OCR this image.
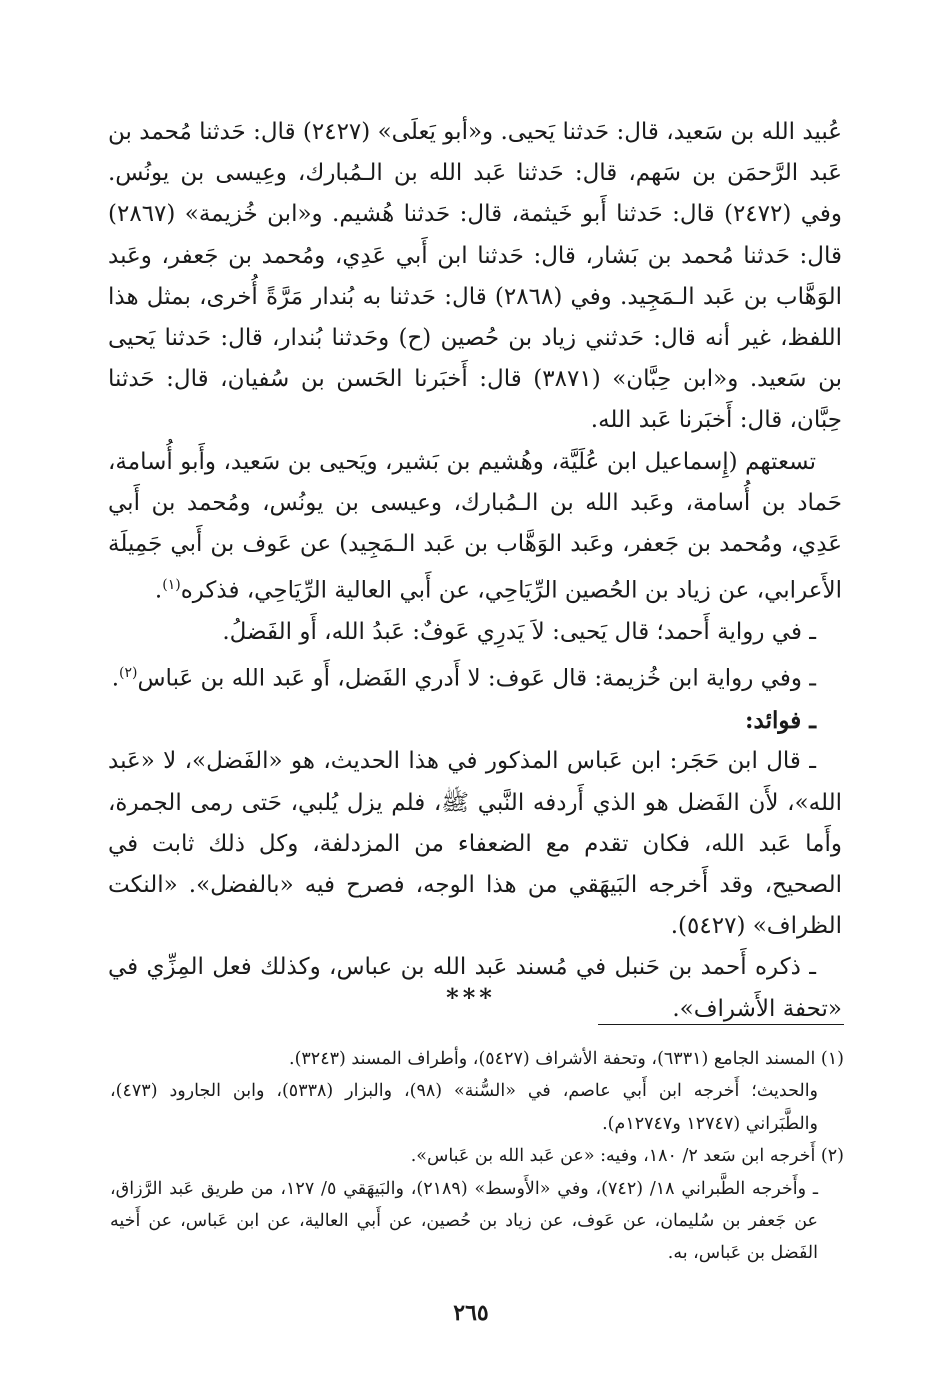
عُبيد الله بن سَعيد، قال: حَدثنا يَحيى. و«أبو يَعلَى» (٢٤٢٧) قال: حَدثنا مُحمد بن عَبد الرَّحمَن بن سَهم، قال: حَدثنا عَبد الله بن الـمُبارك، وعِيسى بن يونُس. وفي (٢٤٧٢) قال: حَدثنا أَبو خَيثمة، قال: حَدثنا هُشيم. و«ابن خُزيمة» (٢٨٦٧) قال: حَدثنا مُحمد بن بَشار، قال: حَدثنا ابن أَبي عَدِي، ومُحمد بن جَعفر، وعَبد الوَهَّاب بن عَبد الـمَجِيد. وفي (٢٨٦٨) قال: حَدثنا به بُندار مَرَّةً أُخرى، بمثل هذا اللفظ، غير أنه قال: حَدثني زياد بن حُصين (ح) وحَدثنا بُندار، قال: حَدثنا يَحيى بن سَعيد. و«ابن حِبَّان» (٣٨٧١) قال: أَخبَرنا الحَسن بن سُفيان، قال: حَدثنا حِبَّان، قال: أَخبَرنا عَبد الله.

تسعتهم (إِسماعيل ابن عُلَيَّة، وهُشيم بن بَشير، ويَحيى بن سَعيد، وأَبو أُسامة، حَماد بن أُسامة، وعَبد الله بن الـمُبارك، وعيسى بن يونُس، ومُحمد بن أَبي عَدِي، ومُحمد بن جَعفر، وعَبد الوَهَّاب بن عَبد الـمَجِيد) عن عَوف بن أَبي جَمِيلَة الأَعرابي، عن زياد بن الحُصين الرِّيَاحِي، عن أَبي العالية الرِّيَاحِي، فذكره$^{(١)}$.

ـ في رواية أَحمد؛ قال يَحيى: لاَ يَدرِي عَوفٌ: عَبدُ الله، أَو الفَضلُ.

ـ وفي رواية ابن خُزيمة: قال عَوف: لا أَدري الفَضل، أَو عَبد الله بن عَباس$^{(٢)}$.

ـ فوائد:

ـ قال ابن حَجَر: ابن عَباس المذكور في هذا الحديث، هو «الفَضل»، لا «عَبد الله»، لأَن الفَضل هو الذي أَردفه النَّبي ﷺ، فلم يزل يُلبي، حَتى رمى الجمرة، وأَما عَبد الله، فكان تقدم مع الضعفاء من المزدلفة، وكل ذلك ثابت في الصحيح، وقد أَخرجه البَيهَقي من هذا الوجه، فصرح فيه «بالفضل». «النكت الظراف» (٥٤٢٧).

ـ ذكره أَحمد بن حَنبل في مُسند عَبد الله بن عباس، وكذلك فعل المِزِّي في «تحفة الأَشراف».

***

(١) المسند الجامع (٦٣٣١)، وتحفة الأشراف (٥٤٢٧)، وأطراف المسند (٣٢٤٣).

والحديث؛ أَخرجه ابن أَبي عاصم، في «السُّنة» (٩٨)، والبزار (٥٣٣٨)، وابن الجارود (٤٧٣)، والطَّبَراني (١٢٧٤٧ و١٢٧٤٧م).

(٢) أَخرجه ابن سَعد ٢/ ١٨٠، وفيه: «عن عَبد الله بن عَباس».

ـ وأَخرجه الطَّبراني ١٨/ (٧٤٢)، وفي «الأَوسط» (٢١٨٩)، والبَيهَقي ٥/ ١٢٧، من طريق عَبد الرَّزاق، عن جَعفر بن سُليمان، عن عَوف، عن زياد بن حُصين، عن أَبي العالية، عن ابن عَباس، عن أَخيه الفَضل بن عَباس، به.

٢٦٥
